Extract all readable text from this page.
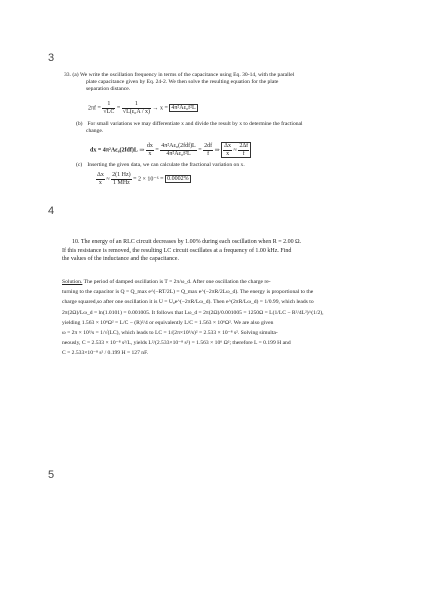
3
4
5
33. (a) We write the oscillation frequency in terms of the capacitance using Eq. 30-14, with the parallel
plate capacitance given by Eq. 24-2. We then solve the resulting equation for the plate
separation distance.
$2\pi f = \frac{1}{√LC} = \frac{1}{\text{√L(ε₀A / x)}} \to x = 4\pi^2A\varepsilon_0f^2L$
(b) For small variations we may differentiate x and divide the result by x to determine the fractional
change.
dx = 4π²Aε₀(2fdf)L ⇒ $\frac{dx}{x} = \frac{\text{4π²Aε₀(2fdf)L}}{\text{4π²Aε₀f²L}} = \frac{2df}{f}$ ⇒ $\frac{\Delta x}{x} \approx \frac{2\Delta f}{f}$
(c) Inserting the given data, we can calculate the fractional variation on x.
$\frac{\Delta x}{x} \approx \frac{2(1 Hz)}{\text{1 MHz}} = 2 \times 10^{-6} = 0.0002\%$
10. The energy of an RLC circuit decreases by 1.00% during each oscillation when R = 2.00 Ω.
If this resistance is removed, the resulting LC circuit oscillates at a frequency of 1.00 kHz. Find
the values of the inductance and the capacitance.
Solution. The period of damped oscillation is T = 2π/ω_d. After one oscillation the charge re-
turning to the capacitor is Q = Q_max e^(−RT/2L) = Q_max e^(−2πR/2Lω_d). The energy is proportional to the
charge squared,so after one oscillation it is U = U₀e^(−2πR/Lω_d). Then e^(2πR/Lω_d) = 1/0.99, which leads to
2π(2Ω)/Lω_d = ln(1.0101) = 0.001005. It follows that Lω_d = 2π(2Ω)/0.001005 = 1250Ω = L(1/LC − R²/4L²)^(1/2),
yielding 1.563 × 10⁶Ω² = L/C − (R)²/4 or equivalently L/C = 1.563 × 10⁶Ω². We are also given
ω = 2π × 10³/s = 1/√(LC), which leads to LC = 1/(2π×10³/s)² = 2.533 × 10⁻⁸ s². Solving simulta-
neously, C = 2.533 × 10⁻⁸ s²/L, yields L²/(2.533×10⁻⁸ s²) = 1.563 × 10⁶ Ω²; therefore L = 0.199 H and
C = 2.533×10⁻⁸ s² / 0.199 H = 127 nF.
